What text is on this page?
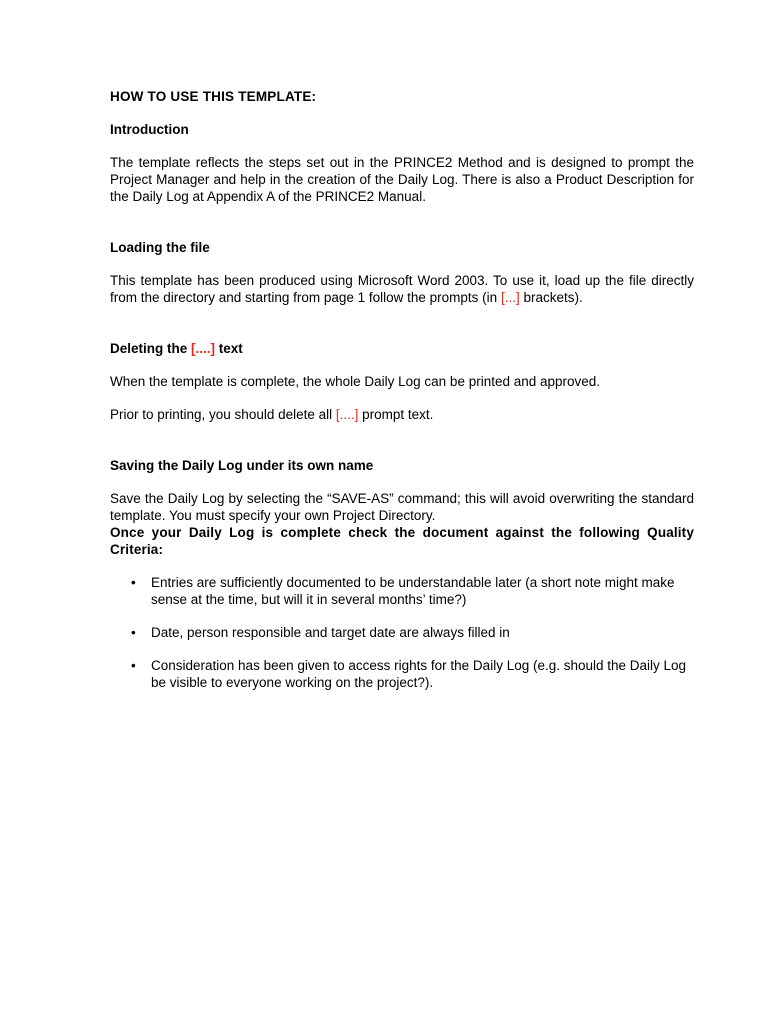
HOW TO USE THIS TEMPLATE:
Introduction

The template reflects the steps set out in the PRINCE2 Method and is designed to prompt the Project Manager and help in the creation of the Daily Log. There is also a Product Description for the Daily Log at Appendix A of the PRINCE2 Manual.

Loading the file

This template has been produced using Microsoft Word 2003. To use it, load up the file directly from the directory and starting from page 1 follow the prompts (in [...] brackets).

Deleting the [....] text

When the template is complete, the whole Daily Log can be printed and approved.

Prior to printing, you should delete all [....] prompt text.

Saving the Daily Log under its own name

Save the Daily Log by selecting the “SAVE-AS” command; this will avoid overwriting the standard template. You must specify your own Project Directory.

Once your Daily Log is complete check the document against the following Quality Criteria:

• Entries are sufficiently documented to be understandable later (a short note might make sense at the time, but will it in several months’ time?)
• Date, person responsible and target date are always filled in
• Consideration has been given to access rights for the Daily Log (e.g. should the Daily Log be visible to everyone working on the project?).
